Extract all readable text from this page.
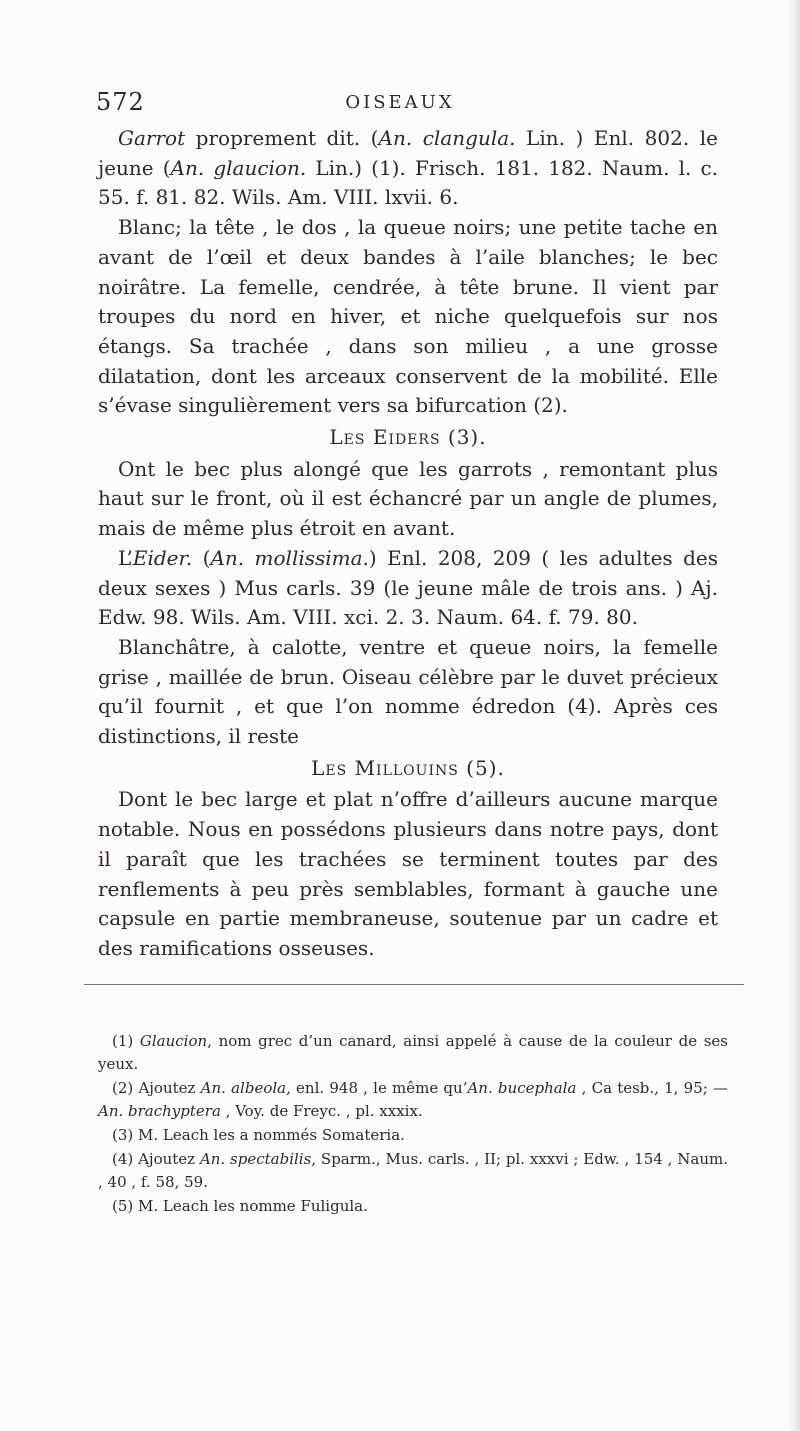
572	OISEAUX

Garrot proprement dit. (An. clangula. Lin. ) Enl. 802. le jeune (An. glaucion. Lin.) (1). Frisch. 181. 182. Naum. l. c. 55. f. 81. 82. Wils. Am. VIII. lxvii. 6.

Blanc; la tête , le dos , la queue noirs; une petite tache en avant de l’œil et deux bandes à l’aile blanches; le bec noirâtre. La femelle, cendrée, à tête brune. Il vient par troupes du nord en hiver, et niche quelquefois sur nos étangs. Sa trachée , dans son milieu , a une grosse dilatation, dont les arceaux conservent de la mobilité. Elle s’évase singulièrement vers sa bifurcation (2).

Les Eiders (3).

Ont le bec plus alongé que les garrots , remontant plus haut sur le front, où il est échancré par un angle de plumes, mais de même plus étroit en avant.

L’Eider. (An. mollissima.) Enl. 208, 209 ( les adultes des deux sexes ) Mus carls. 39 (le jeune mâle de trois ans. ) Aj. Edw. 98. Wils. Am. VIII. xci. 2. 3. Naum. 64. f. 79. 80.

Blanchâtre, à calotte, ventre et queue noirs, la femelle grise , maillée de brun. Oiseau célèbre par le duvet précieux qu’il fournit , et que l’on nomme édredon (4). Après ces distinctions, il reste

Les Millouins (5).

Dont le bec large et plat n’offre d’ailleurs aucune marque notable. Nous en possédons plusieurs dans notre pays, dont il paraît que les trachées se terminent toutes par des renflements à peu près semblables, formant à gauche une capsule en partie membraneuse, soutenue par un cadre et des ramifications osseuses.

(1) Glaucion, nom grec d’un canard, ainsi appelé à cause de la couleur de ses yeux.

(2) Ajoutez An. albeola, enl. 948 , le même qu’An. bucephala , Ca tesb., 1, 95; — An. brachyptera , Voy. de Freyc. , pl. xxxix.

(3) M. Leach les a nommés Somateria.

(4) Ajoutez An. spectabilis, Sparm., Mus. carls. , II; pl. xxxvi ; Edw. , 154 , Naum. , 40 , f. 58, 59.

(5) M. Leach les nomme Fuligula.
